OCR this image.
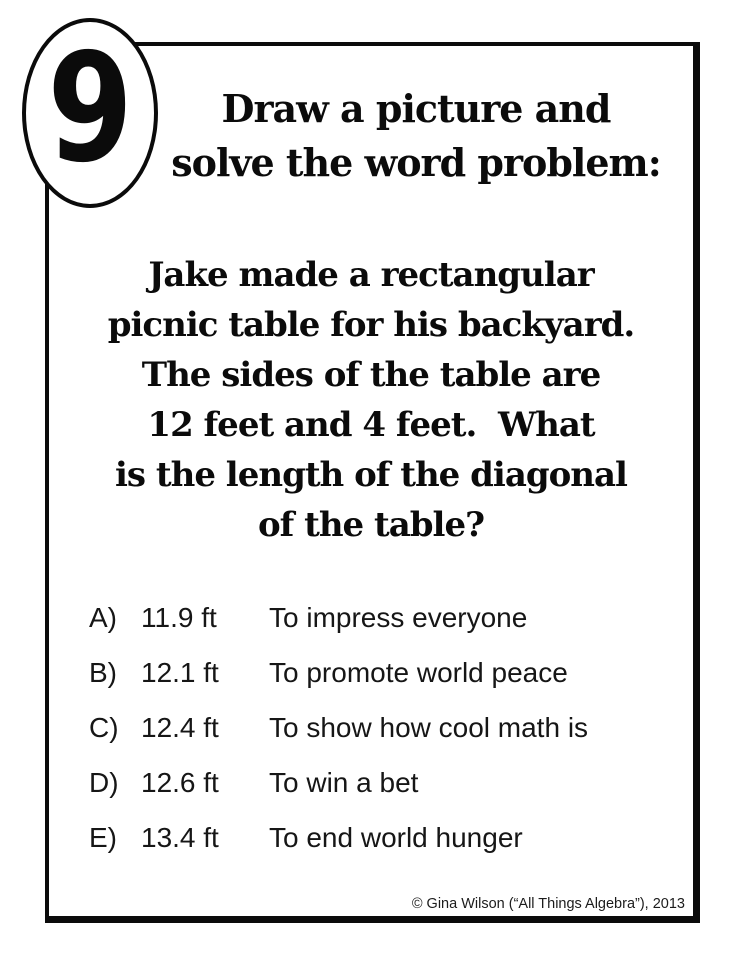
Draw a picture and
solve the word problem:
Jake made a rectangular
picnic table for his backyard.
The sides of the table are
12 feet and 4 feet.  What
is the length of the diagonal
of the table?
A) 11.9 ft	To impress everyone
B) 12.1 ft	To promote world peace
C) 12.4 ft	To show how cool math is
D) 12.6 ft	To win a bet
E) 13.4 ft	To end world hunger
© Gina Wilson (“All Things Algebra”), 2013
9
